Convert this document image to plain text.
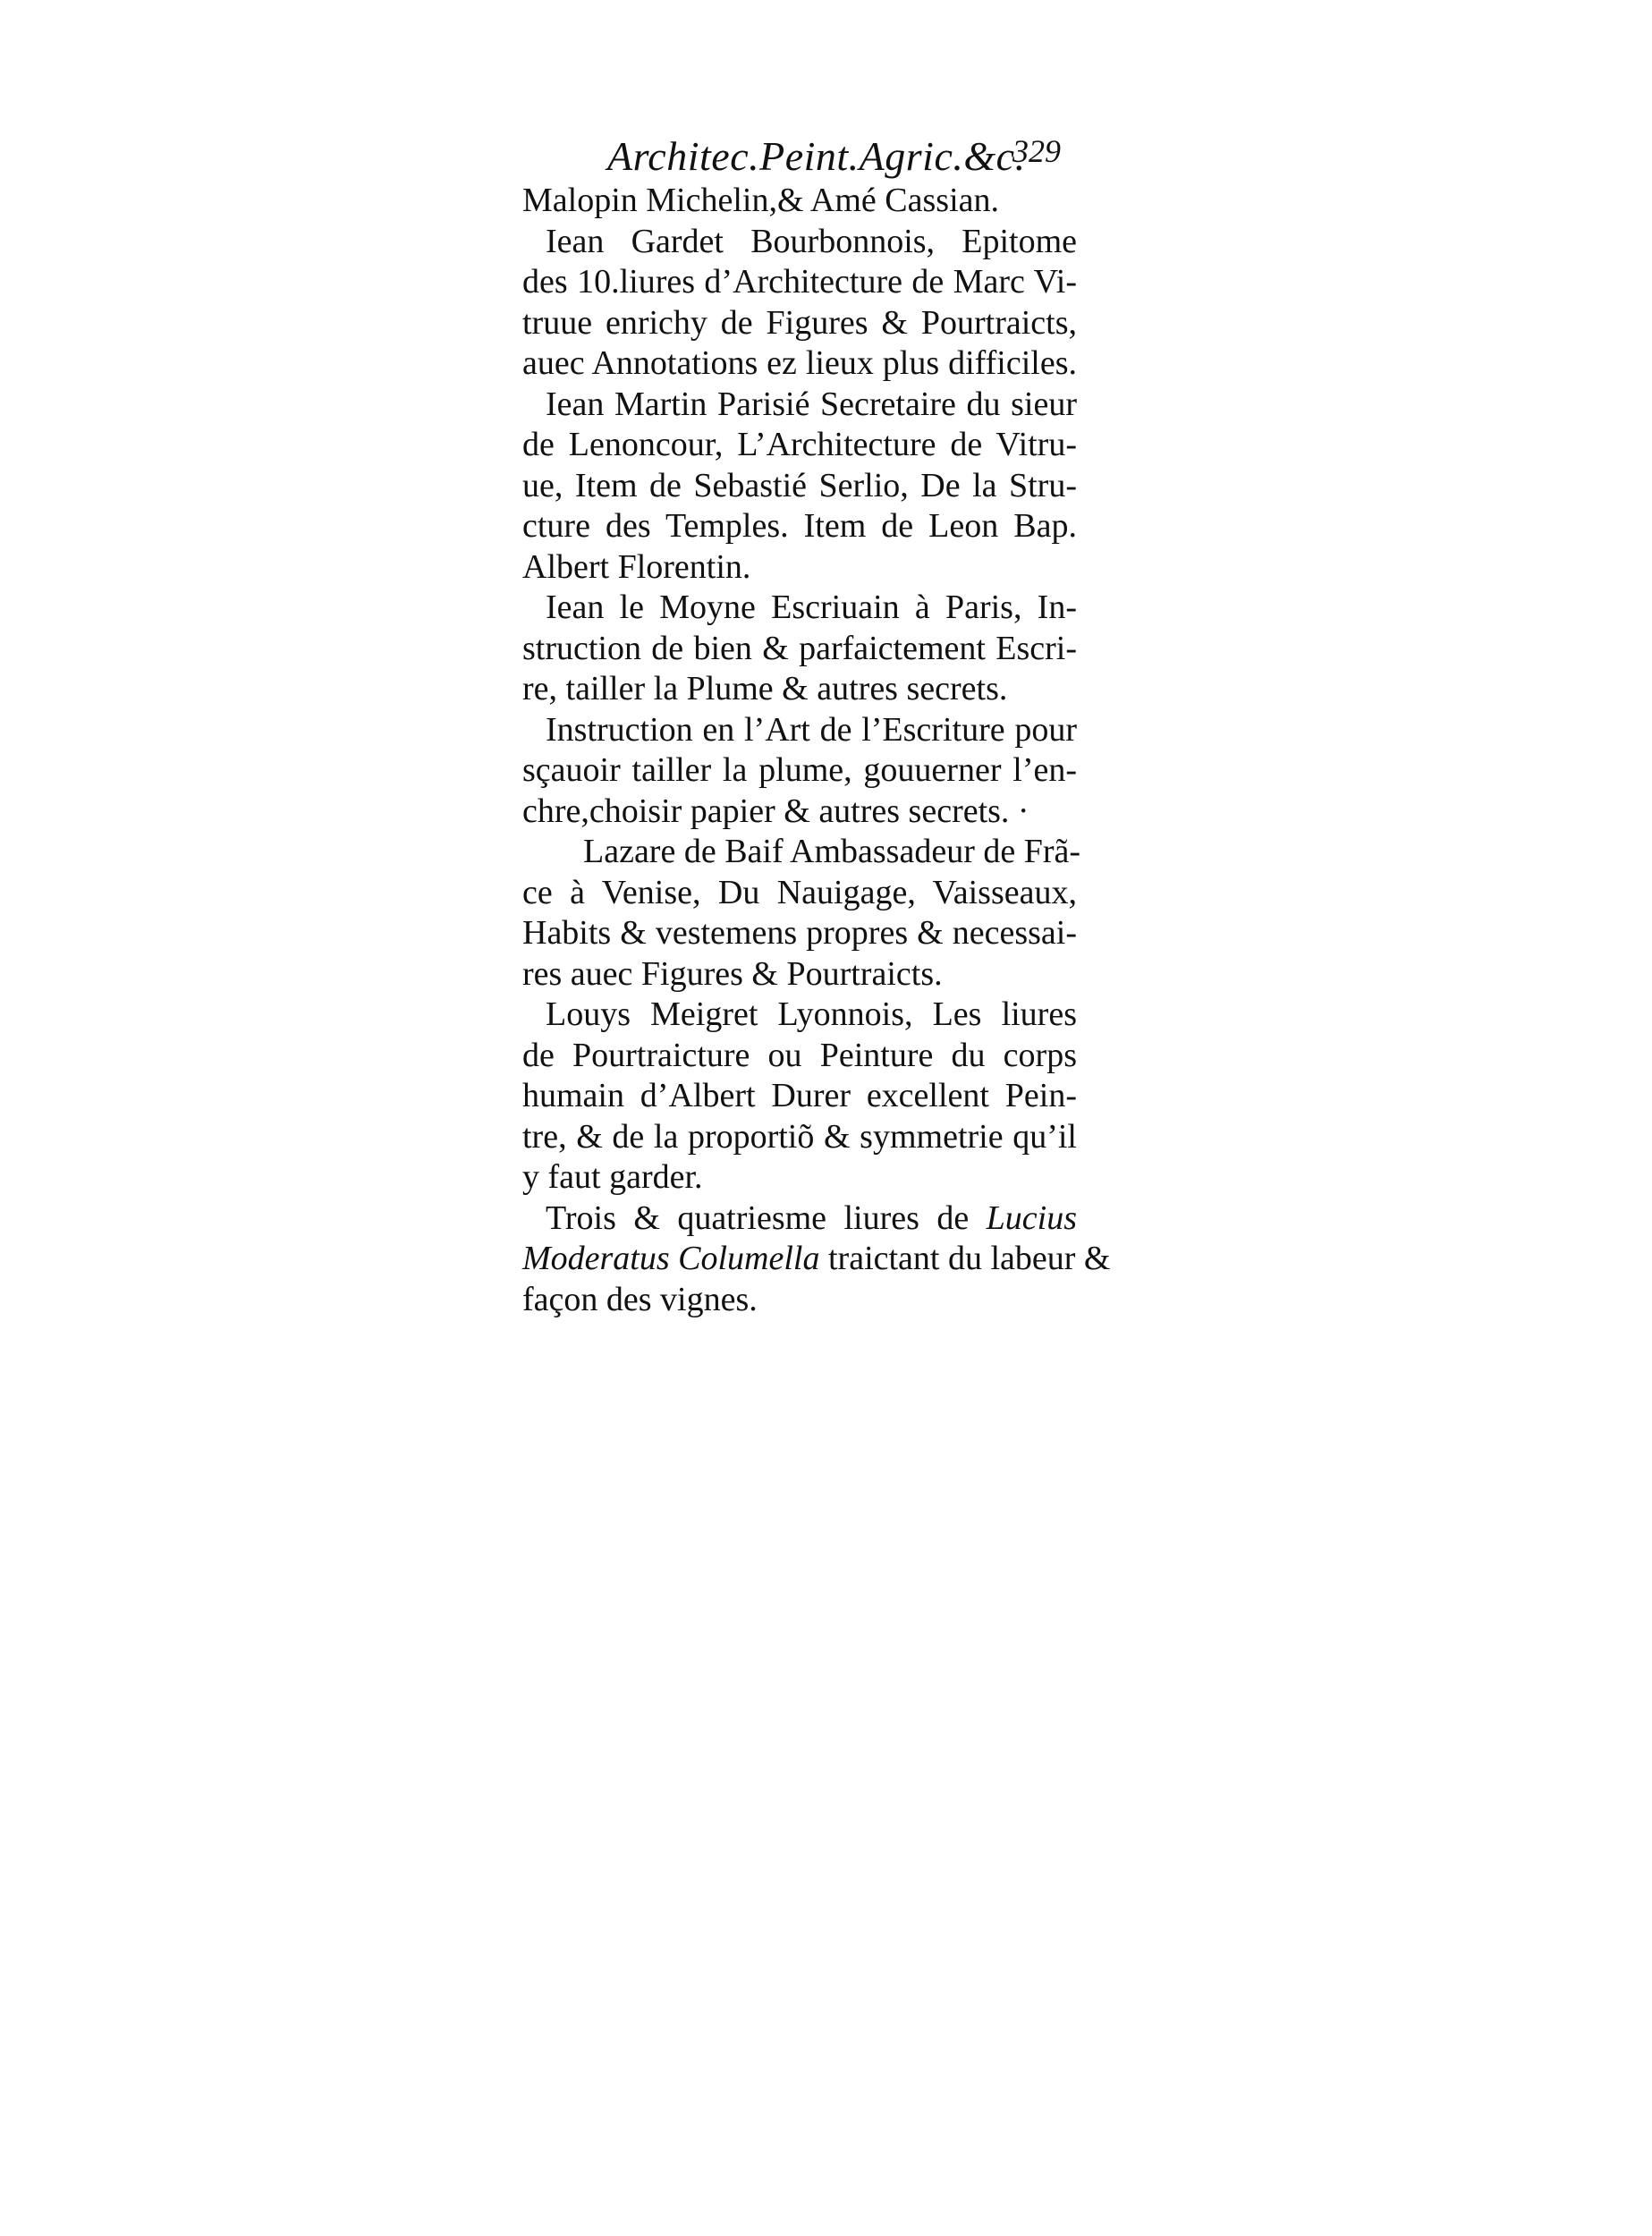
Architec.Peint.Agric.&c.
329
Malopin Michelin,& Amé Cassian.
Iean Gardet Bourbonnois, Epitome
des 10.liures d’Architecture de Marc Vi-
truue enrichy de Figures & Pourtraicts,
auec Annotations ez lieux plus difficiles.
Iean Martin Parisié Secretaire du sieur
de Lenoncour, L’Architecture de Vitru-
ue, Item de Sebastié Serlio, De la Stru-
cture des Temples. Item de Leon Bap.
Albert Florentin.
Iean le Moyne Escriuain à Paris, In-
struction de bien & parfaictement Escri-
re, tailler la Plume & autres secrets.
Instruction en l’Art de l’Escriture pour
sçauoir tailler la plume, gouuerner l’en-
chre,choisir papier & autres secrets. ·
Lazare de Baif Ambassadeur de Frã-
ce à Venise, Du Nauigage, Vaisseaux,
Habits & vestemens propres & necessai-
res auec Figures & Pourtraicts.
Louys Meigret Lyonnois, Les liures
de Pourtraicture ou Peinture du corps
humain d’Albert Durer excellent Pein-
tre, & de la proportiõ & symmetrie qu’il
y faut garder.
Trois & quatriesme liures de Lucius
Moderatus Columella traictant du labeur &
façon des vignes.
